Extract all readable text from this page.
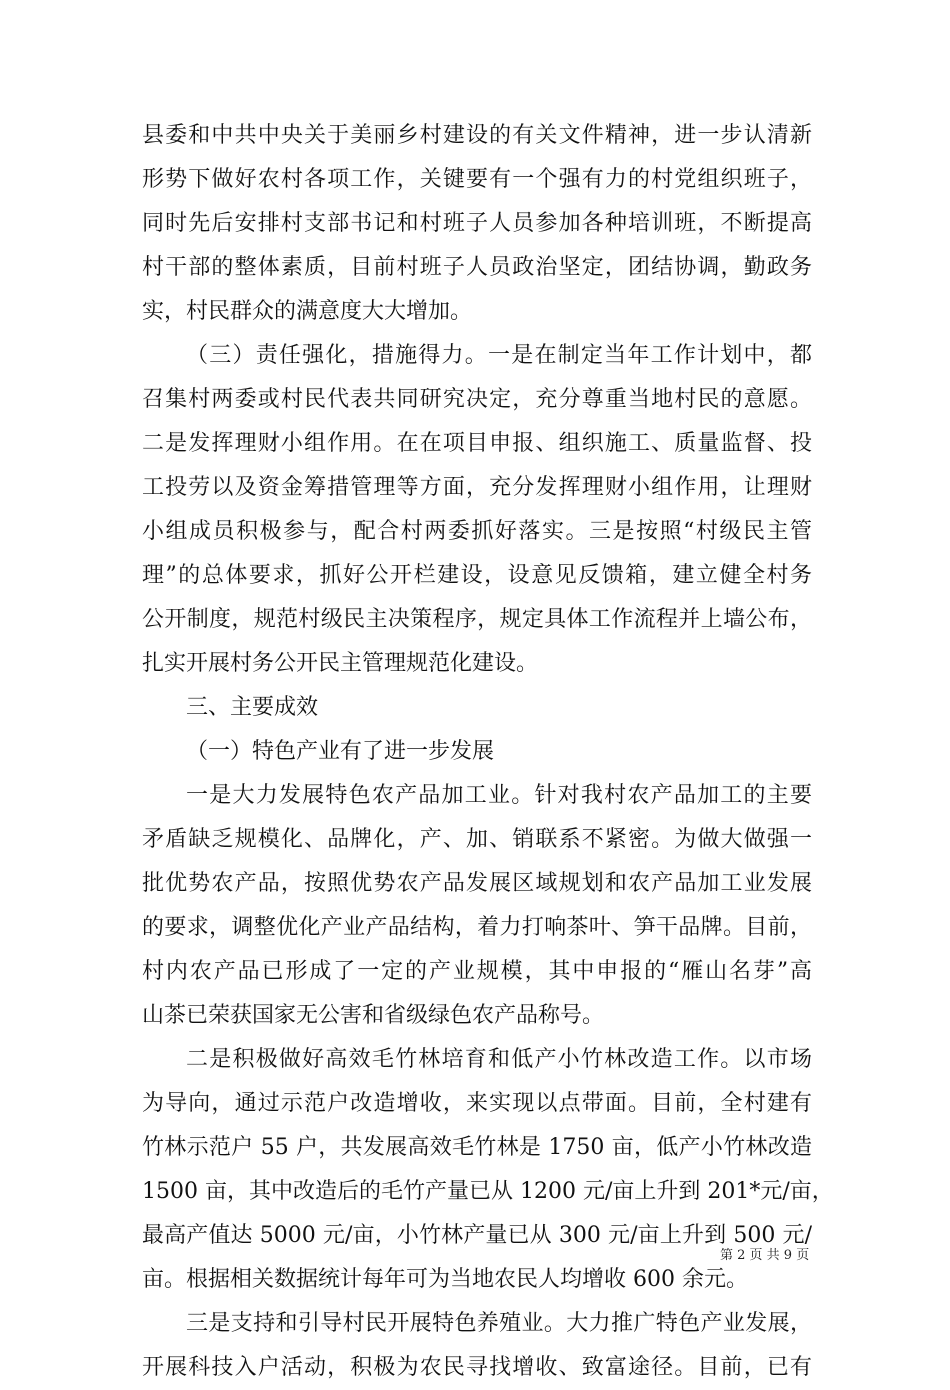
县委和中共中央关于美丽乡村建设的有关文件精神，进一步认清新
形势下做好农村各项工作，关键要有一个强有力的村党组织班子，
同时先后安排村支部书记和村班子人员参加各种培训班，不断提高
村干部的整体素质，目前村班子人员政治坚定，团结协调，勤政务
实，村民群众的满意度大大增加。
（三）责任强化，措施得力。一是在制定当年工作计划中，都
召集村两委或村民代表共同研究决定，充分尊重当地村民的意愿。
二是发挥理财小组作用。在在项目申报、组织施工、质量监督、投
工投劳以及资金筹措管理等方面，充分发挥理财小组作用，让理财
小组成员积极参与，配合村两委抓好落实。三是按照“村级民主管
理”的总体要求，抓好公开栏建设，设意见反馈箱，建立健全村务
公开制度，规范村级民主决策程序，规定具体工作流程并上墙公布，
扎实开展村务公开民主管理规范化建设。
三、主要成效
（一）特色产业有了进一步发展
一是大力发展特色农产品加工业。针对我村农产品加工的主要
矛盾缺乏规模化、品牌化，产、加、销联系不紧密。为做大做强一
批优势农产品，按照优势农产品发展区域规划和农产品加工业发展
的要求，调整优化产业产品结构，着力打响茶叶、笋干品牌。目前，
村内农产品已形成了一定的产业规模，其中申报的“雁山名芽”高
山茶已荣获国家无公害和省级绿色农产品称号。
二是积极做好高效毛竹林培育和低产小竹林改造工作。以市场
为导向，通过示范户改造增收，来实现以点带面。目前，全村建有
竹林示范户 55 户，共发展高效毛竹林是 1750 亩，低产小竹林改造
1500 亩，其中改造后的毛竹产量已从 1200 元/亩上升到 201*元/亩，
最高产值达 5000 元/亩，小竹林产量已从 300 元/亩上升到 500 元/
亩。根据相关数据统计每年可为当地农民人均增收 600 余元。
三是支持和引导村民开展特色养殖业。大力推广特色产业发展，
开展科技入户活动，积极为农民寻找增收、致富途径。目前，已有
第 2 页 共 9 页
